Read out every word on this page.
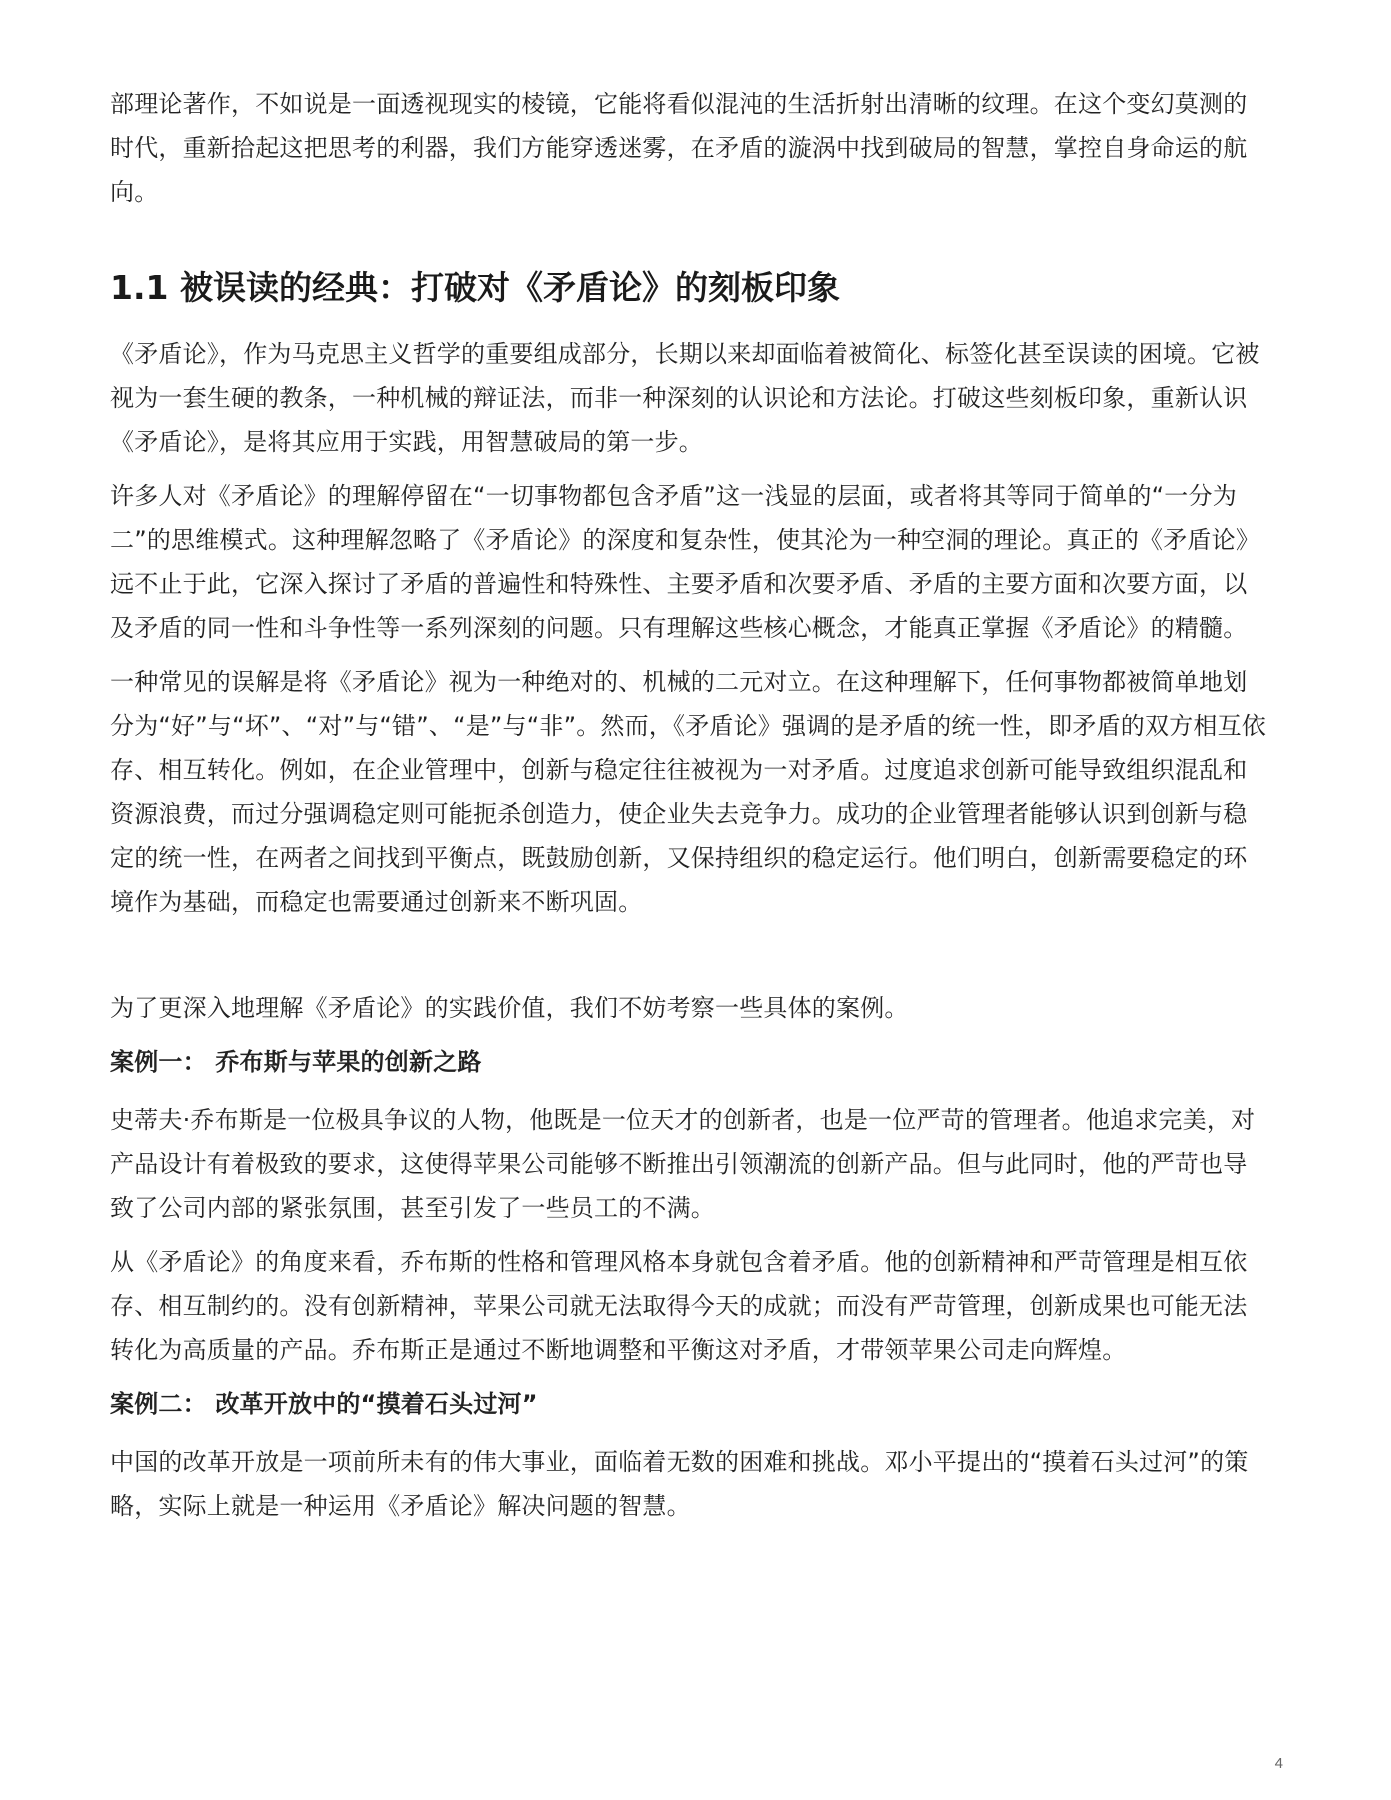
部理论著作，不如说是一面透视现实的棱镜，它能将看似混沌的生活折射出清晰的纹理。在这个变幻莫测的时代，重新拾起这把思考的利器，我们方能穿透迷雾，在矛盾的漩涡中找到破局的智慧，掌控自身命运的航向。

1.1 被误读的经典：打破对《矛盾论》的刻板印象

《矛盾论》，作为马克思主义哲学的重要组成部分，长期以来却面临着被简化、标签化甚至误读的困境。它被视为一套生硬的教条，一种机械的辩证法，而非一种深刻的认识论和方法论。打破这些刻板印象，重新认识《矛盾论》，是将其应用于实践，用智慧破局的第一步。

许多人对《矛盾论》的理解停留在“一切事物都包含矛盾”这一浅显的层面，或者将其等同于简单的“一分为二”的思维模式。这种理解忽略了《矛盾论》的深度和复杂性，使其沦为一种空洞的理论。真正的《矛盾论》远不止于此，它深入探讨了矛盾的普遍性和特殊性、主要矛盾和次要矛盾、矛盾的主要方面和次要方面，以及矛盾的同一性和斗争性等一系列深刻的问题。只有理解这些核心概念，才能真正掌握《矛盾论》的精髓。

一种常见的误解是将《矛盾论》视为一种绝对的、机械的二元对立。在这种理解下，任何事物都被简单地划分为“好”与“坏”、“对”与“错”、“是”与“非”。然而，《矛盾论》强调的是矛盾的统一性，即矛盾的双方相互依存、相互转化。例如，在企业管理中，创新与稳定往往被视为一对矛盾。过度追求创新可能导致组织混乱和资源浪费，而过分强调稳定则可能扼杀创造力，使企业失去竞争力。成功的企业管理者能够认识到创新与稳定的统一性，在两者之间找到平衡点，既鼓励创新，又保持组织的稳定运行。他们明白，创新需要稳定的环境作为基础，而稳定也需要通过创新来不断巩固。

为了更深入地理解《矛盾论》的实践价值，我们不妨考察一些具体的案例。

案例一： 乔布斯与苹果的创新之路

史蒂夫·乔布斯是一位极具争议的人物，他既是一位天才的创新者，也是一位严苛的管理者。他追求完美，对产品设计有着极致的要求，这使得苹果公司能够不断推出引领潮流的创新产品。但与此同时，他的严苛也导致了公司内部的紧张氛围，甚至引发了一些员工的不满。

从《矛盾论》的角度来看，乔布斯的性格和管理风格本身就包含着矛盾。他的创新精神和严苛管理是相互依存、相互制约的。没有创新精神，苹果公司就无法取得今天的成就；而没有严苛管理，创新成果也可能无法转化为高质量的产品。乔布斯正是通过不断地调整和平衡这对矛盾，才带领苹果公司走向辉煌。

案例二： 改革开放中的“摸着石头过河”

中国的改革开放是一项前所未有的伟大事业，面临着无数的困难和挑战。邓小平提出的“摸着石头过河”的策略，实际上就是一种运用《矛盾论》解决问题的智慧。

4
